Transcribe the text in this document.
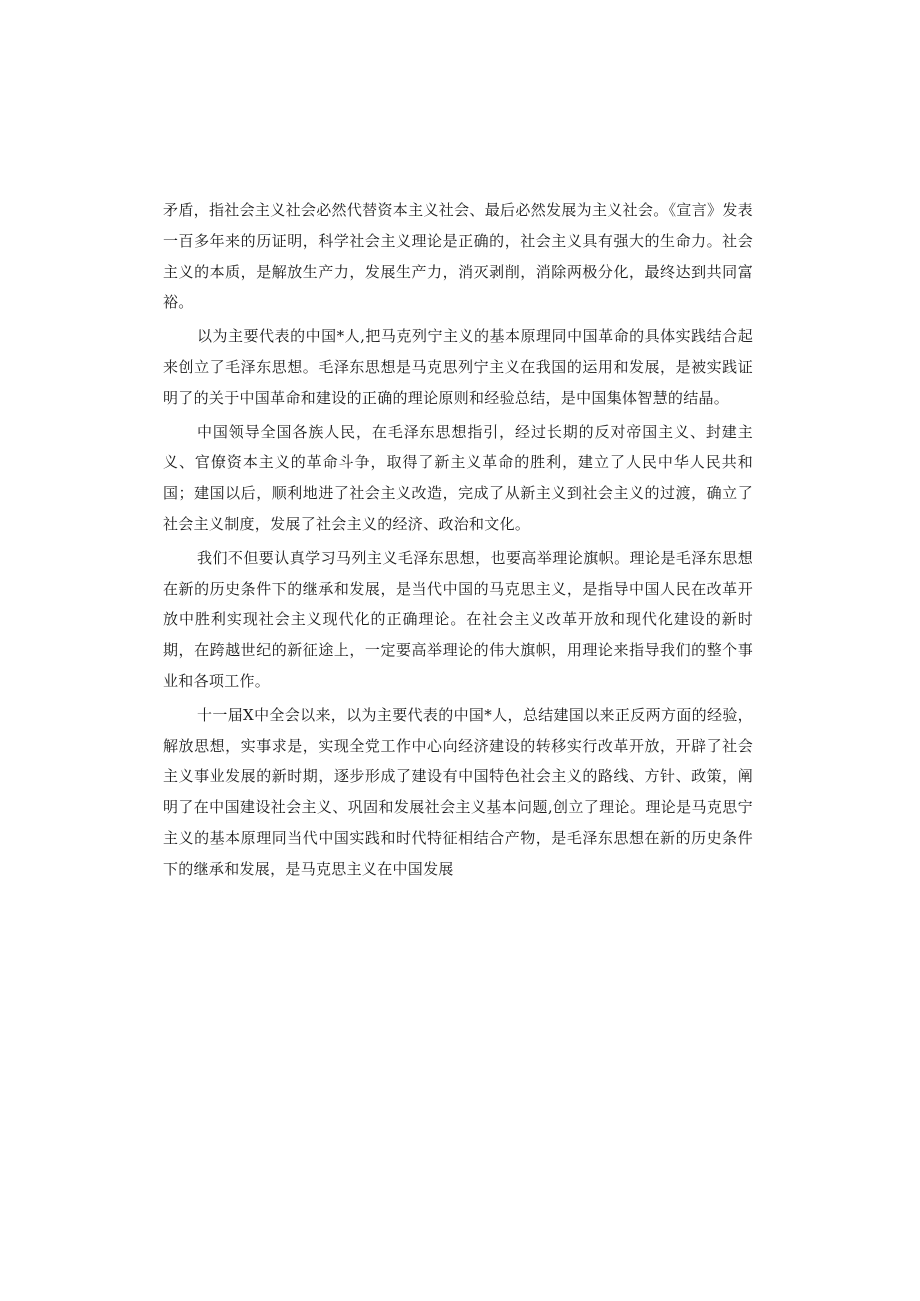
矛盾，指社会主义社会必然代替资本主义社会、最后必然发展为主义社会。《宣言》发表一百多年来的历证明，科学社会主义理论是正确的，社会主义具有强大的生命力。社会主义的本质，是解放生产力，发展生产力，消灭剥削，消除两极分化，最终达到共同富裕。

以为主要代表的中国*人,把马克列宁主义的基本原理同中国革命的具体实践结合起来创立了毛泽东思想。毛泽东思想是马克思列宁主义在我国的运用和发展，是被实践证明了的关于中国革命和建设的正确的理论原则和经验总结，是中国集体智慧的结晶。

中国领导全国各族人民，在毛泽东思想指引，经过长期的反对帝国主义、封建主义、官僚资本主义的革命斗争，取得了新主义革命的胜利，建立了人民中华人民共和国；建国以后，顺利地进了社会主义改造，完成了从新主义到社会主义的过渡，确立了社会主义制度，发展了社会主义的经济、政治和文化。

我们不但要认真学习马列主义毛泽东思想，也要高举理论旗帜。理论是毛泽东思想在新的历史条件下的继承和发展，是当代中国的马克思主义，是指导中国人民在改革开放中胜利实现社会主义现代化的正确理论。在社会主义改革开放和现代化建设的新时期，在跨越世纪的新征途上，一定要高举理论的伟大旗帜，用理论来指导我们的整个事业和各项工作。

十一届X中全会以来，以为主要代表的中国*人，总结建国以来正反两方面的经验，解放思想，实事求是，实现全党工作中心向经济建设的转移实行改革开放，开辟了社会主义事业发展的新时期，逐步形成了建设有中国特色社会主义的路线、方针、政策，阐明了在中国建设社会主义、巩固和发展社会主义基本问题,创立了理论。理论是马克思宁主义的基本原理同当代中国实践和时代特征相结合产物，是毛泽东思想在新的历史条件下的继承和发展，是马克思主义在中国发展
